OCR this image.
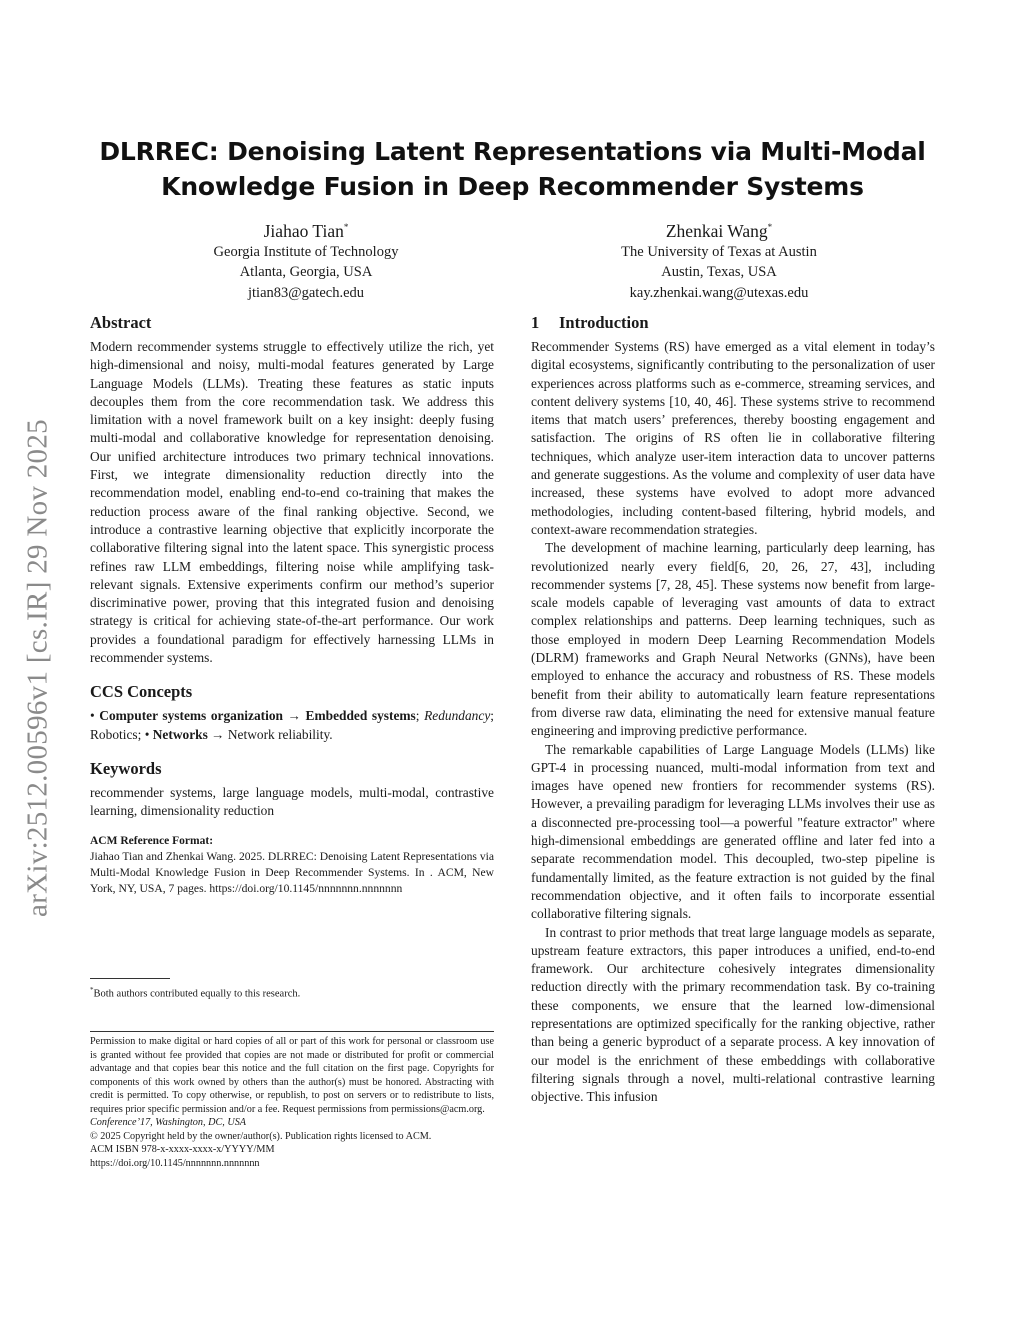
arXiv:2512.00596v1 [cs.IR] 29 Nov 2025
DLRREC: Denoising Latent Representations via Multi-Modal Knowledge Fusion in Deep Recommender Systems
Jiahao Tian*
Georgia Institute of Technology
Atlanta, Georgia, USA
jtian83@gatech.edu
Zhenkai Wang*
The University of Texas at Austin
Austin, Texas, USA
kay.zhenkai.wang@utexas.edu
Abstract

Modern recommender systems struggle to effectively utilize the rich, yet high-dimensional and noisy, multi-modal features generated by Large Language Models (LLMs). Treating these features as static inputs decouples them from the core recommendation task. We address this limitation with a novel framework built on a key insight: deeply fusing multi-modal and collaborative knowledge for representation denoising. Our unified architecture introduces two primary technical innovations. First, we integrate dimensionality reduction directly into the recommendation model, enabling end-to-end co-training that makes the reduction process aware of the final ranking objective. Second, we introduce a contrastive learning objective that explicitly incorporate the collaborative filtering signal into the latent space. This synergistic process refines raw LLM embeddings, filtering noise while amplifying task-relevant signals. Extensive experiments confirm our method’s superior discriminative power, proving that this integrated fusion and denoising strategy is critical for achieving state-of-the-art performance. Our work provides a foundational paradigm for effectively harnessing LLMs in recommender systems.

CCS Concepts
• Computer systems organization → Embedded systems; Redundancy; Robotics; • Networks → Network reliability.
Keywords

recommender systems, large language models, multi-modal, contrastive learning, dimensionality reduction

ACM Reference Format:
Jiahao Tian and Zhenkai Wang. 2025. DLRREC: Denoising Latent Representations via Multi-Modal Knowledge Fusion in Deep Recommender Systems. In . ACM, New York, NY, USA, 7 pages. https://doi.org/10.1145/nnnnnnn.nnnnnnn
*Both authors contributed equally to this research.
Permission to make digital or hard copies of all or part of this work for personal or classroom use is granted without fee provided that copies are not made or distributed for profit or commercial advantage and that copies bear this notice and the full citation on the first page. Copyrights for components of this work owned by others than the author(s) must be honored. Abstracting with credit is permitted. To copy otherwise, or republish, to post on servers or to redistribute to lists, requires prior specific permission and/or a fee. Request permissions from permissions@acm.org.
Conference’17, Washington, DC, USA
© 2025 Copyright held by the owner/author(s). Publication rights licensed to ACM.
ACM ISBN 978-x-xxxx-xxxx-x/YYYY/MM
https://doi.org/10.1145/nnnnnnn.nnnnnnn
1 Introduction

Recommender Systems (RS) have emerged as a vital element in today’s digital ecosystems, significantly contributing to the personalization of user experiences across platforms such as e-commerce, streaming services, and content delivery systems [10, 40, 46]. These systems strive to recommend items that match users’ preferences, thereby boosting engagement and satisfaction. The origins of RS often lie in collaborative filtering techniques, which analyze user-item interaction data to uncover patterns and generate suggestions. As the volume and complexity of user data have increased, these systems have evolved to adopt more advanced methodologies, including content-based filtering, hybrid models, and context-aware recommendation strategies.

The development of machine learning, particularly deep learning, has revolutionized nearly every field[6, 20, 26, 27, 43], including recommender systems [7, 28, 45]. These systems now benefit from large-scale models capable of leveraging vast amounts of data to extract complex relationships and patterns. Deep learning techniques, such as those employed in modern Deep Learning Recommendation Models (DLRM) frameworks and Graph Neural Networks (GNNs), have been employed to enhance the accuracy and robustness of RS. These models benefit from their ability to automatically learn feature representations from diverse raw data, eliminating the need for extensive manual feature engineering and improving predictive performance.

The remarkable capabilities of Large Language Models (LLMs) like GPT-4 in processing nuanced, multi-modal information from text and images have opened new frontiers for recommender systems (RS). However, a prevailing paradigm for leveraging LLMs involves their use as a disconnected pre-processing tool—a powerful "feature extractor" where high-dimensional embeddings are generated offline and later fed into a separate recommendation model. This decoupled, two-step pipeline is fundamentally limited, as the feature extraction is not guided by the final recommendation objective, and it often fails to incorporate essential collaborative filtering signals.

In contrast to prior methods that treat large language models as separate, upstream feature extractors, this paper introduces a unified, end-to-end framework. Our architecture cohesively integrates dimensionality reduction directly with the primary recommendation task. By co-training these components, we ensure that the learned low-dimensional representations are optimized specifically for the ranking objective, rather than being a generic byproduct of a separate process. A key innovation of our model is the enrichment of these embeddings with collaborative filtering signals through a novel, multi-relational contrastive learning objective. This infusion
